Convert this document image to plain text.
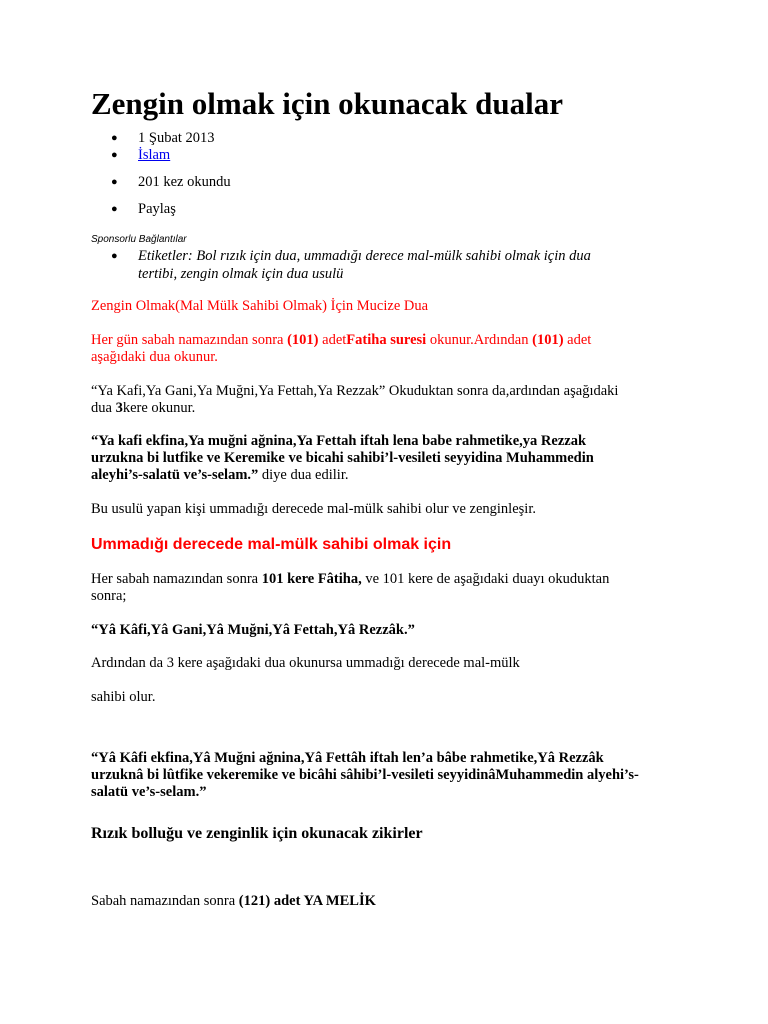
Zengin olmak için okunacak dualar
● 1 Şubat 2013
● İslam
● 201 kez okundu
● Paylaş
Sponsorlu Bağlantılar
● Etiketler: Bol rızık için dua, ummadığı derece mal-mülk sahibi olmak için dua
tertibi, zengin olmak için dua usulü
Zengin Olmak(Mal Mülk Sahibi Olmak) İçin Mucize Dua
Her gün sabah namazından sonra (101) adetFatiha suresi okunur.Ardından (101) adet
aşağıdaki dua okunur.
“Ya Kafi,Ya Gani,Ya Muğni,Ya Fettah,Ya Rezzak” Okuduktan sonra da,ardından aşağıdaki
dua 3kere okunur.
“Ya kafi ekfina,Ya muğni ağnina,Ya Fettah iftah lena babe rahmetike,ya Rezzak
urzukna bi lutfike ve Keremike ve bicahi sahibi’l-vesileti seyyidina Muhammedin
aleyhi’s-salatü ve’s-selam.” diye dua edilir.
Bu usulü yapan kişi ummadığı derecede mal-mülk sahibi olur ve zenginleşir.
Ummadığı derecede mal-mülk sahibi olmak için
Her sabah namazından sonra 101 kere Fâtiha, ve 101 kere de aşağıdaki duayı okuduktan
sonra;
“Yâ Kâfi,Yâ Gani,Yâ Muğni,Yâ Fettah,Yâ Rezzâk.”
Ardından da 3 kere aşağıdaki dua okunursa ummadığı derecede mal-mülk
sahibi olur.
“Yâ Kâfi ekfina,Yâ Muğni ağnina,Yâ Fettâh iftah len’a bâbe rahmetike,Yâ Rezzâk
urzuknâ bi lûtfike vekeremike ve bicâhi sâhibi’l-vesileti seyyidinâMuhammedin alyehi’s-
salatü ve’s-selam.”
Rızık bolluğu ve zenginlik için okunacak zikirler
Sabah namazından sonra (121) adet YA MELİK
